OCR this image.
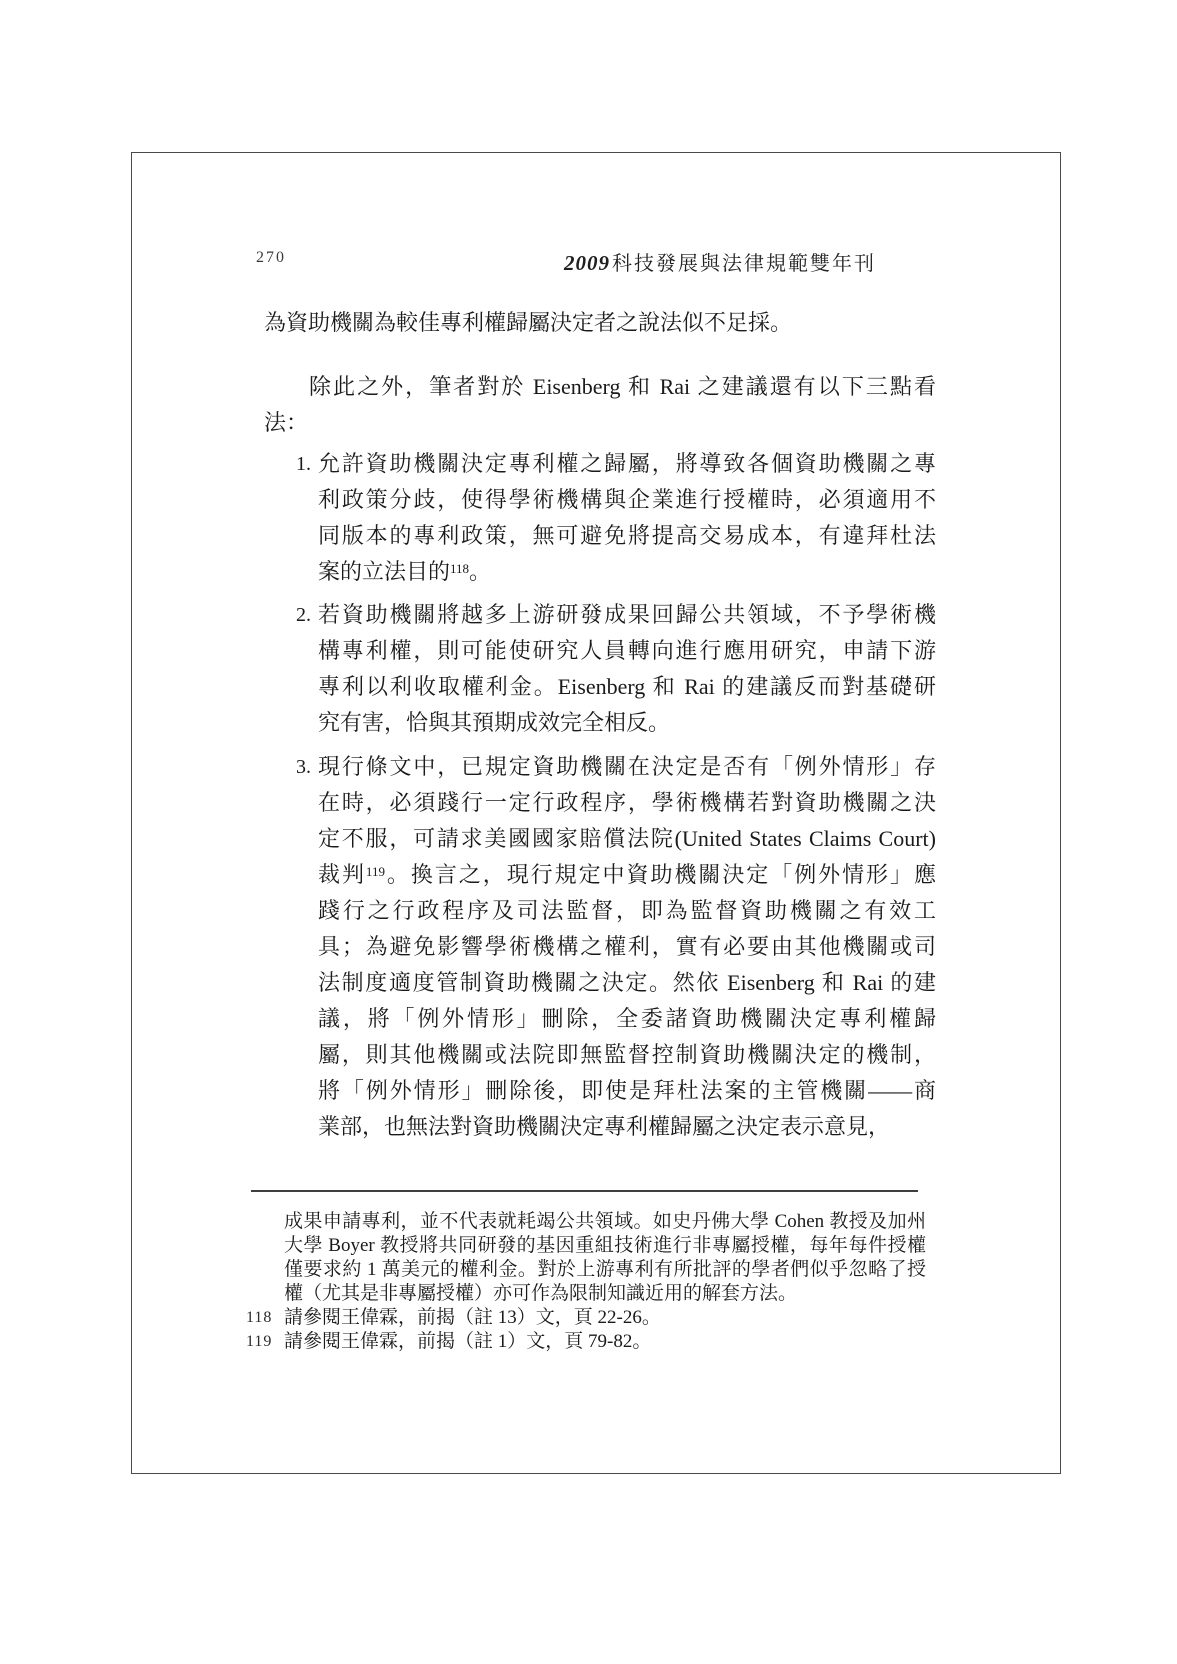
270	2009 科技發展與法律規範雙年刊
為資助機關為較佳專利權歸屬決定者之說法似不足採。
除此之外，筆者對於 Eisenberg 和 Rai 之建議還有以下三點看
法：
1. 允許資助機關決定專利權之歸屬，將導致各個資助機關之專
利政策分歧，使得學術機構與企業進行授權時，必須適用不
同版本的專利政策，無可避免將提高交易成本，有違拜杜法
案的立法目的$^{118}$。
2. 若資助機關將越多上游研發成果回歸公共領域，不予學術機
構專利權，則可能使研究人員轉向進行應用研究，申請下游
專利以利收取權利金。Eisenberg 和 Rai 的建議反而對基礎研
究有害，恰與其預期成效完全相反。
3. 現行條文中，已規定資助機關在決定是否有「例外情形」存
在時，必須踐行一定行政程序，學術機構若對資助機關之決
定不服，可請求美國國家賠償法院(United States Claims Court)
裁判$^{119}$。換言之，現行規定中資助機關決定「例外情形」應
踐行之行政程序及司法監督，即為監督資助機關之有效工
具；為避免影響學術機構之權利，實有必要由其他機關或司
法制度適度管制資助機關之決定。然依 Eisenberg 和 Rai 的建
議，將「例外情形」刪除，全委諸資助機關決定專利權歸
屬，則其他機關或法院即無監督控制資助機關決定的機制，
將「例外情形」刪除後，即使是拜杜法案的主管機關——商
業部，也無法對資助機關決定專利權歸屬之決定表示意見，
成果申請專利，並不代表就耗竭公共領域。如史丹佛大學 Cohen 教授及加州
大學 Boyer 教授將共同研發的基因重組技術進行非專屬授權，每年每件授權
僅要求約 1 萬美元的權利金。對於上游專利有所批評的學者們似乎忽略了授
權（尤其是非專屬授權）亦可作為限制知識近用的解套方法。
118 請參閱王偉霖，前揭（註 13）文，頁 22-26。
119 請參閱王偉霖，前揭（註 1）文，頁 79-82。
